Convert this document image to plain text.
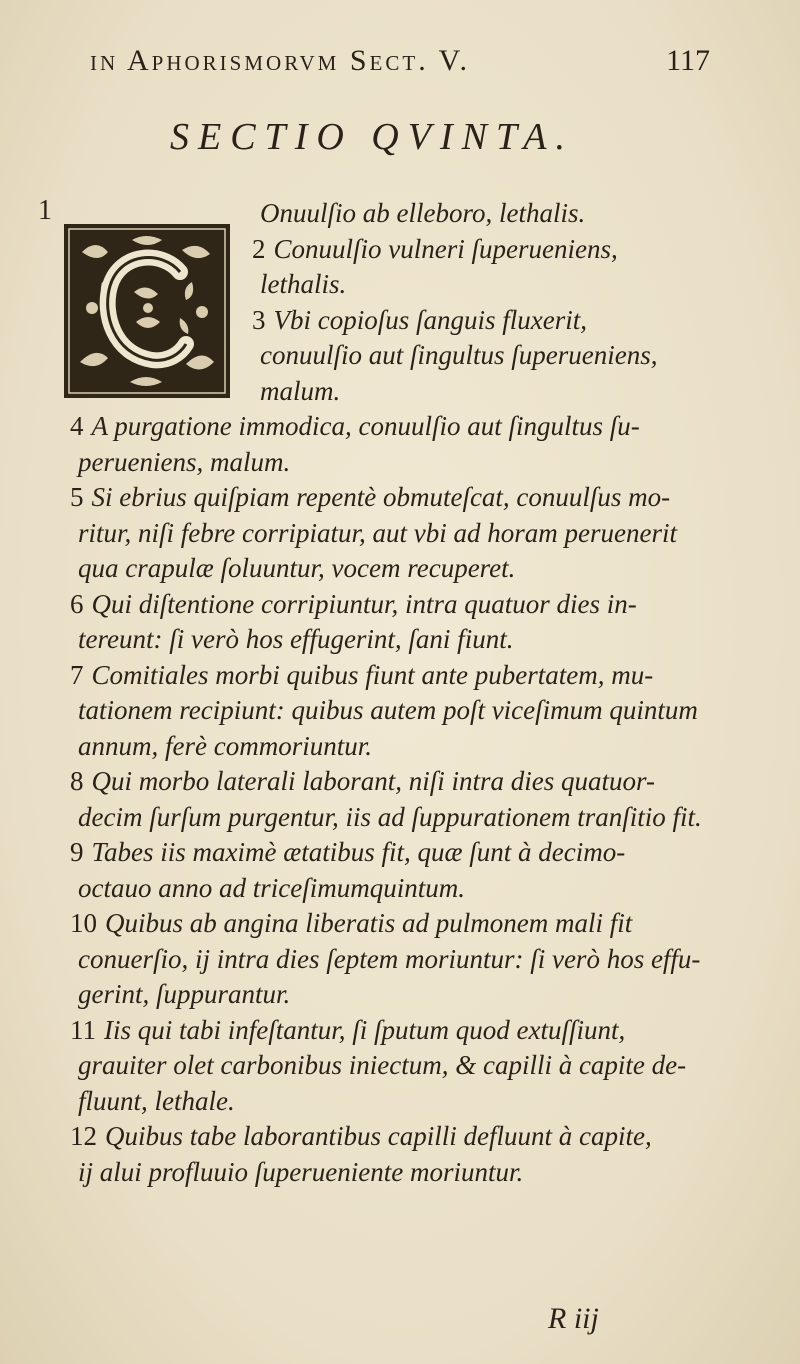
in Aphorismorvm Sect. V.	117
SECTIO QVINTA.
1	Onuulſio ab elleboro, lethalis.
2 Conuulſio vulneri ſuperueniens,
lethalis.
3 Vbi copioſus ſanguis fluxerit,
conuulſio aut ſingultus ſuperueniens,
malum.
4 A purgatione immodica, conuulſio aut ſingultus ſu-
perueniens, malum.
5 Si ebrius quiſpiam repentè obmuteſcat, conuulſus mo-
ritur, niſi febre corripiatur, aut vbi ad horam peruenerit
qua crapulæ ſoluuntur, vocem recuperet.
6 Qui diſtentione corripiuntur, intra quatuor dies in-
tereunt: ſi verò hos effugerint, ſani fiunt.
7 Comitiales morbi quibus fiunt ante pubertatem, mu-
tationem recipiunt: quibus autem poſt viceſimum quintum
annum, ferè commoriuntur.
8 Qui morbo laterali laborant, niſi intra dies quatuor-
decim ſurſum purgentur, iis ad ſuppurationem tranſitio fit.
9 Tabes iis maximè ætatibus fit, quæ ſunt à decimo-
octauo anno ad triceſimumquintum.
10 Quibus ab angina liberatis ad pulmonem mali fit
conuerſio, ij intra dies ſeptem moriuntur: ſi verò hos effu-
gerint, ſuppurantur.
11 Iis qui tabi infeſtantur, ſi ſputum quod extuſſiunt,
grauiter olet carbonibus iniectum, & capilli à capite de-
fluunt, lethale.
12 Quibus tabe laborantibus capilli defluunt à capite,
ij alui profluuio ſuperueniente moriuntur.
R iij
